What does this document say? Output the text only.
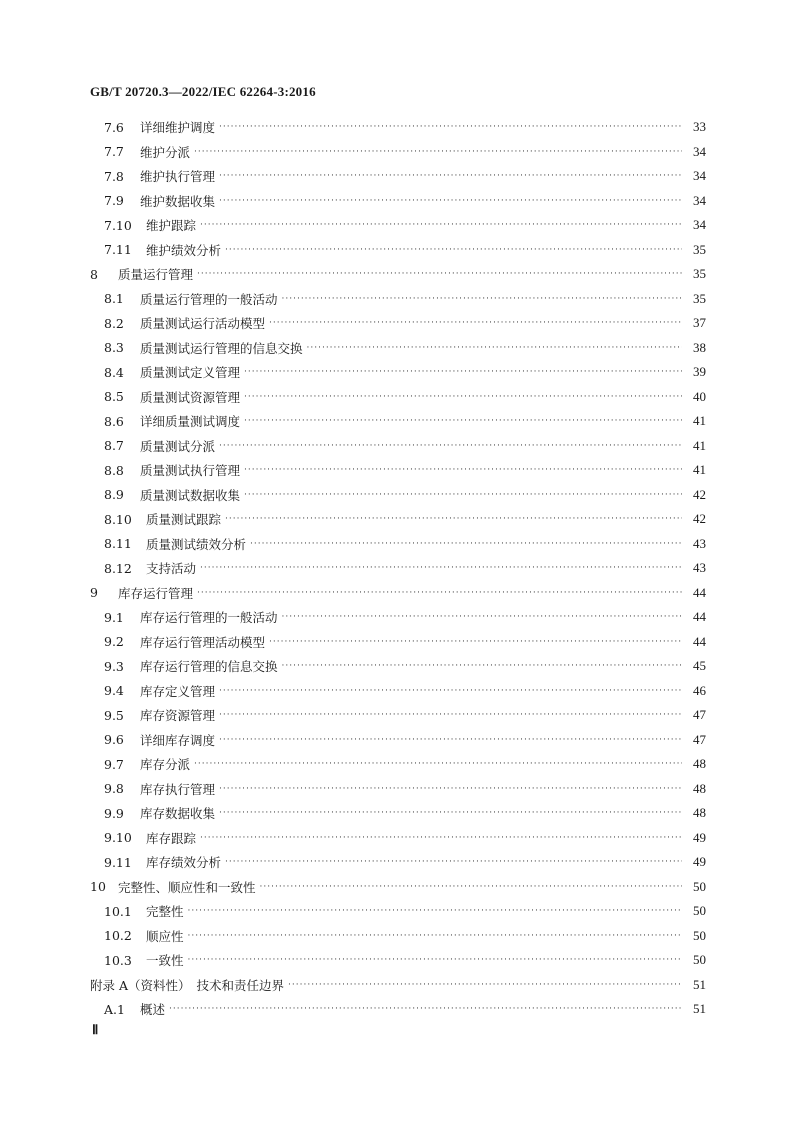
GB/T 20720.3—2022/IEC 62264-3:2016
7.6	详细维护调度 ·····	33
7.7	维护分派 ·····	34
7.8	维护执行管理 ·····	34
7.9	维护数据收集 ·····	34
7.10	维护跟踪 ·····	34
7.11	维护绩效分析 ·····	35
8	质量运行管理 ·····	35
8.1	质量运行管理的一般活动 ·····	35
8.2	质量测试运行活动模型 ·····	37
8.3	质量测试运行管理的信息交换 ·····	38
8.4	质量测试定义管理 ·····	39
8.5	质量测试资源管理 ·····	40
8.6	详细质量测试调度 ·····	41
8.7	质量测试分派 ·····	41
8.8	质量测试执行管理 ·····	41
8.9	质量测试数据收集 ·····	42
8.10	质量测试跟踪 ·····	42
8.11	质量测试绩效分析 ·····	43
8.12	支持活动 ·····	43
9	库存运行管理 ·····	44
9.1	库存运行管理的一般活动 ·····	44
9.2	库存运行管理活动模型 ·····	44
9.3	库存运行管理的信息交换 ·····	45
9.4	库存定义管理 ·····	46
9.5	库存资源管理 ·····	47
9.6	详细库存调度 ·····	47
9.7	库存分派 ·····	48
9.8	库存执行管理 ·····	48
9.9	库存数据收集 ·····	48
9.10	库存跟踪 ·····	49
9.11	库存绩效分析 ·····	49
10 完整性、顺应性和一致性 ·····	50
10.1	完整性 ·····	50
10.2	顺应性 ·····	50
10.3	一致性 ·····	50
附录 A（资料性） 技术和责任边界 ·····	51
A.1	概述 ·····	51
Ⅱ
